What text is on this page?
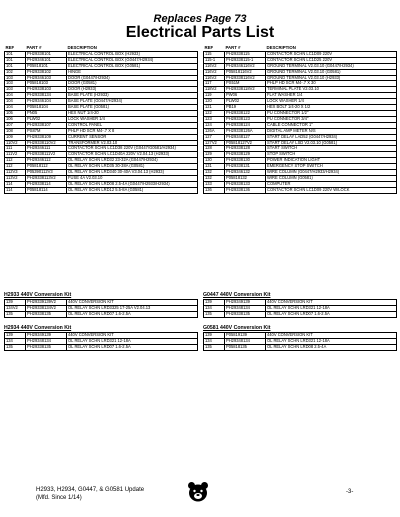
Replaces Page 73
Electrical Parts List
REF	PART #	DESCRIPTION
101	PH29338101	ELECTRICAL CONTROL BOX (H2933)
101	PH29346101	ELECTRICAL CONTROL BOX (G0447/H2934)
101	P05818101	ELECTRICAL CONTROL BOX (G0581)
102	PH29338102	HINGE
103	PH29346103	DOOR (G0447/H2934)
103	P05818103	DOOR (G0581)
103	PH29338103	DOOR (H2933)
104	PH29338134	BASE PLATE (H2933)
104	PH29346104	BASE PLATE (G0447/H2934)
104	P05818104	BASE PLATE (G0581)
105	PN05	HEX NUT 1/4-20
106	PLW02	LOCK WASHER 1/4
107	PH29338107	CONTROL PANEL
108	PS87M	PHLP HD SCR M4-.7 X 8
109	PH29338109	CURRENT SENSOR
110V2	PH29338110V2	TRANSFORMER V2.03.10
111	PH29346111	CONTACTOR SCHN LC1D38 220V (G0447/G0581/H2934)
111V2	PH29338111V2	CONTACTOR SCHN LC1D40A 220V V2.04.13 (H2933)
112	PH29346112	OL RELAY SCHN LRD32 23-32A (G0447/H2934)
112	P05818112	OL RELAY SCHN LRD35 30-38A (G0581)
112V3	P05390112V3	OL RELAY SCHN LRD340 30-40A V3.04.13 (H2933)
113V2	PH29338113V2	FUSE 4A V2.03.10
114	PH29338114	OL RELAY SCHN LRD08 2.5-4A (G0447/H2933/H2934)
114	P05818114	OL RELAY SCHN LRD12 5.5-8A (G0581)
REF	PART #	DESCRIPTION
115	PH29338115	CONTACTOR SCHN LC1D09 220V
115-1	PH29338115-1	CONTACTOR SCHN LC1D25 220V
116V2	PH29346116V2	GROUND TERMINAL V2.03.10 (G0447/H2934)
116V2	P05818116V2	GROUND TERMINAL V2.03.10 (G0581)
116V2	PH29338116V2	GROUND TERMINAL V2.03.10 (H2933)
117	PS51M	PHLP HD SCR M4-.7 X 30
118V2	PH29338118V2	TERMINAL PLATE V2.03.10
119	PW06	FLAT WASHER 1/4
120	PLW02	LOCK WASHER 1/4
121	PB19	HEX BOLT 1/4-20 X 1/2
122	PH29338122	PU CONNECTOR 1/2"
123	PH29338123	PU CONNECTOR 3/4"
124	PH29338124	CABLE CONNECTOR 1"
126A	PH29338126A	DIGITAL AMP METER N/S
127	PH29348127	START DELAY LAD52 (G0447/H2934)
127V2	P05818127V2	START DELAY LSD V2.03.10 (G0581)
128	PH29338128	START SWITCH
129	PH29338129	STOP SWITCH
130	PH29338130	POWER INDICATION LIGHT
131	PH29338131	EMERGENCY STOP SWITCH
132	PH29346132	WIRE COLUMN (G0447/H2933/H2934)
132	P05818132	WIRE COLUMN (G0581)
133	PH29338133	COMPUTER
136	PH29338136	CONTACTOR SCHN LC1D09 220V W/LOCK
H2933 440V Conversion Kit
139	PH29339139V2	440V CONVERSION KIT
134V2	PH29338134V2	OL RELAY SCHN LRD3325 17-25A V2.04.13
135	PH29338135	OL RELAY SCHN LRD07 1.6-2.5A
G0447 440V Conversion Kit
139	PH29349139	440V CONVERSION KIT
134	PH29348134	OL RELAY SCHN LRD321 12-18A
135	PH29338135	OL RELAY SCHN LRD07 1.6-2.5A
H2934 440V Conversion Kit
139	PH29349139	440V CONVERSION KIT
134	PH29348134	OL RELAY SCHN LRD321 12-18A
135	PH29338135	OL RELAY SCHN LRD07 1.6-2.5A
G0581 440V Conversion Kit
139	P05819139	440V CONVERSION KIT
134	PH29348134	OL RELAY SCHN LRD321 12-18A
135	P05818135	OL RELAY SCHN LRD08 2.5-4A
H2933, H2934, G0447, & G0581 Update
(Mfd. Since 1/14)
-3-
